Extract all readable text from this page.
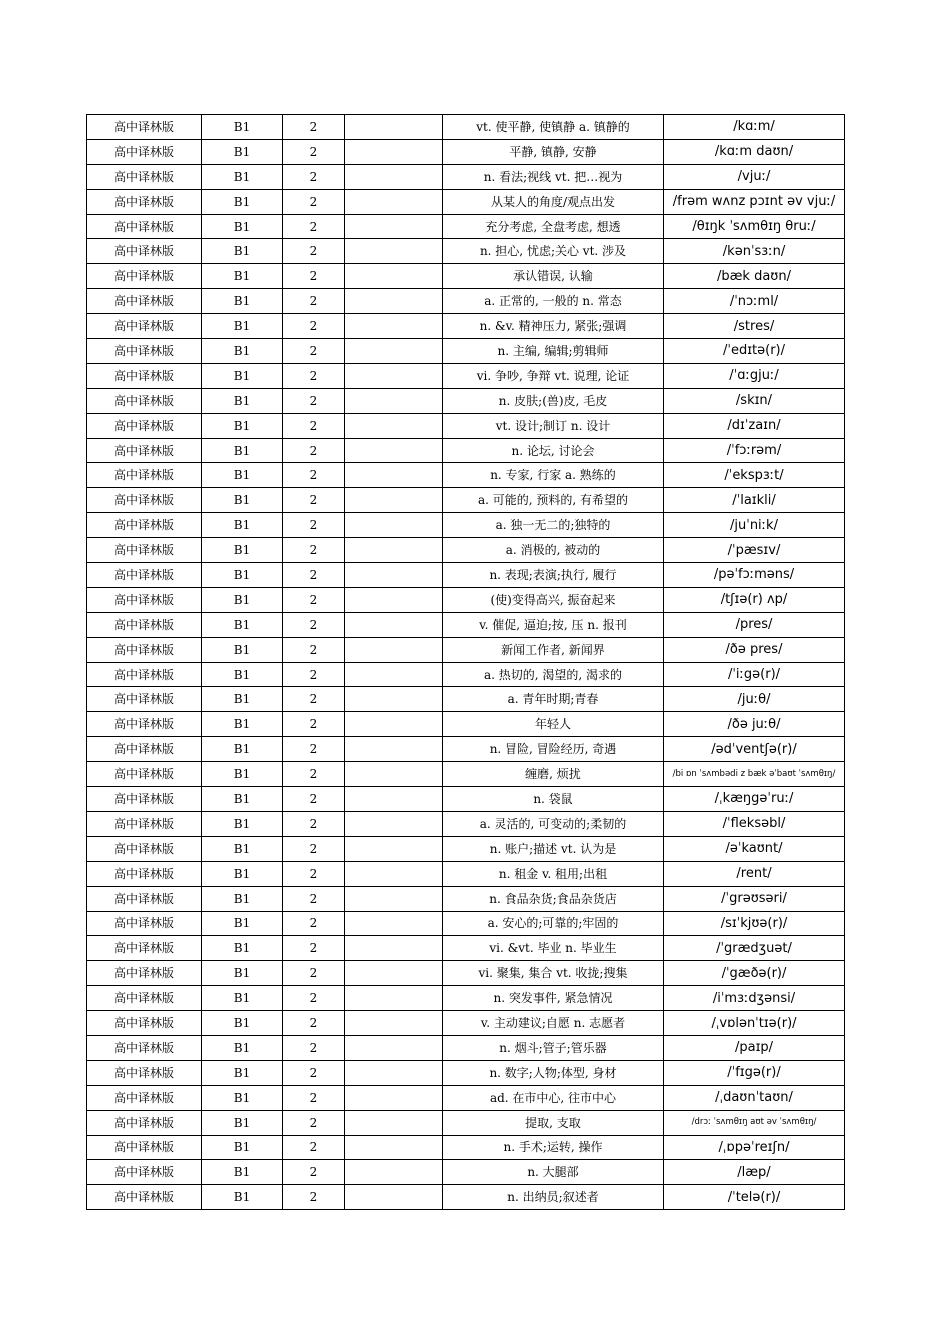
高中译林版	B1	2		vt. 使平静, 使镇静 a. 镇静的	/kɑːm/
高中译林版	B1	2		平静, 镇静, 安静	/kɑːm daʊn/
高中译林版	B1	2		n. 看法;视线 vt. 把…视为	/vjuː/
高中译林版	B1	2		从某人的角度/观点出发	/frəm wʌnz pɔɪnt əv vjuː/
高中译林版	B1	2		充分考虑, 全盘考虑, 想透	/θɪŋk ˈsʌmθɪŋ θruː/
高中译林版	B1	2		n. 担心, 忧虑;关心 vt. 涉及	/kənˈsɜːn/
高中译林版	B1	2		承认错误, 认输	/bæk daʊn/
高中译林版	B1	2		a. 正常的, 一般的 n. 常态	/ˈnɔːml/
高中译林版	B1	2		n. &v. 精神压力, 紧张;强调	/stres/
高中译林版	B1	2		n. 主编, 编辑;剪辑师	/ˈedɪtə(r)/
高中译林版	B1	2		vi. 争吵, 争辩 vt. 说理, 论证	/ˈɑːgjuː/
高中译林版	B1	2		n. 皮肤;(兽)皮, 毛皮	/skɪn/
高中译林版	B1	2		vt. 设计;制订 n. 设计	/dɪˈzaɪn/
高中译林版	B1	2		n. 论坛, 讨论会	/ˈfɔːrəm/
高中译林版	B1	2		n. 专家, 行家 a. 熟练的	/ˈekspɜːt/
高中译林版	B1	2		a. 可能的, 预料的, 有希望的	/ˈlaɪkli/
高中译林版	B1	2		a. 独一无二的;独特的	/juˈniːk/
高中译林版	B1	2		a. 消极的, 被动的	/ˈpæsɪv/
高中译林版	B1	2		n. 表现;表演;执行, 履行	/pəˈfɔːməns/
高中译林版	B1	2		(使)变得高兴, 振奋起来	/tʃɪə(r) ʌp/
高中译林版	B1	2		v. 催促, 逼迫;按, 压 n. 报刊	/pres/
高中译林版	B1	2		新闻工作者, 新闻界	/ðə pres/
高中译林版	B1	2		a. 热切的, 渴望的, 渴求的	/ˈiːgə(r)/
高中译林版	B1	2		a. 青年时期;青春	/juːθ/
高中译林版	B1	2		年轻人	/ðə juːθ/
高中译林版	B1	2		n. 冒险, 冒险经历, 奇遇	/ədˈventʃə(r)/
高中译林版	B1	2		缠磨, 烦扰	/bi ɒn ˈsʌmbədi z bæk əˈbaʊt ˈsʌmθɪŋ/
高中译林版	B1	2		n. 袋鼠	/ˌkæŋgəˈruː/
高中译林版	B1	2		a. 灵活的, 可变动的;柔韧的	/ˈfleksəbl/
高中译林版	B1	2		n. 账户;描述 vt. 认为是	/əˈkaʊnt/
高中译林版	B1	2		n. 租金 v. 租用;出租	/rent/
高中译林版	B1	2		n. 食品杂货;食品杂货店	/ˈgrəʊsəri/
高中译林版	B1	2		a. 安心的;可靠的;牢固的	/sɪˈkjʊə(r)/
高中译林版	B1	2		vi. &vt. 毕业 n. 毕业生	/ˈgrædʒuət/
高中译林版	B1	2		vi. 聚集, 集合 vt. 收拢;搜集	/ˈgæðə(r)/
高中译林版	B1	2		n. 突发事件, 紧急情况	/iˈmɜːdʒənsi/
高中译林版	B1	2		v. 主动建议;自愿 n. 志愿者	/ˌvɒlənˈtɪə(r)/
高中译林版	B1	2		n. 烟斗;管子;管乐器	/paɪp/
高中译林版	B1	2		n. 数字;人物;体型, 身材	/ˈfɪgə(r)/
高中译林版	B1	2		ad. 在市中心, 往市中心	/ˌdaʊnˈtaʊn/
高中译林版	B1	2		提取, 支取	/drɔː ˈsʌmθɪŋ aʊt əv ˈsʌmθɪŋ/
高中译林版	B1	2		n. 手术;运转, 操作	/ˌɒpəˈreɪʃn/
高中译林版	B1	2		n. 大腿部	/læp/
高中译林版	B1	2		n. 出纳员;叙述者	/ˈtelə(r)/
